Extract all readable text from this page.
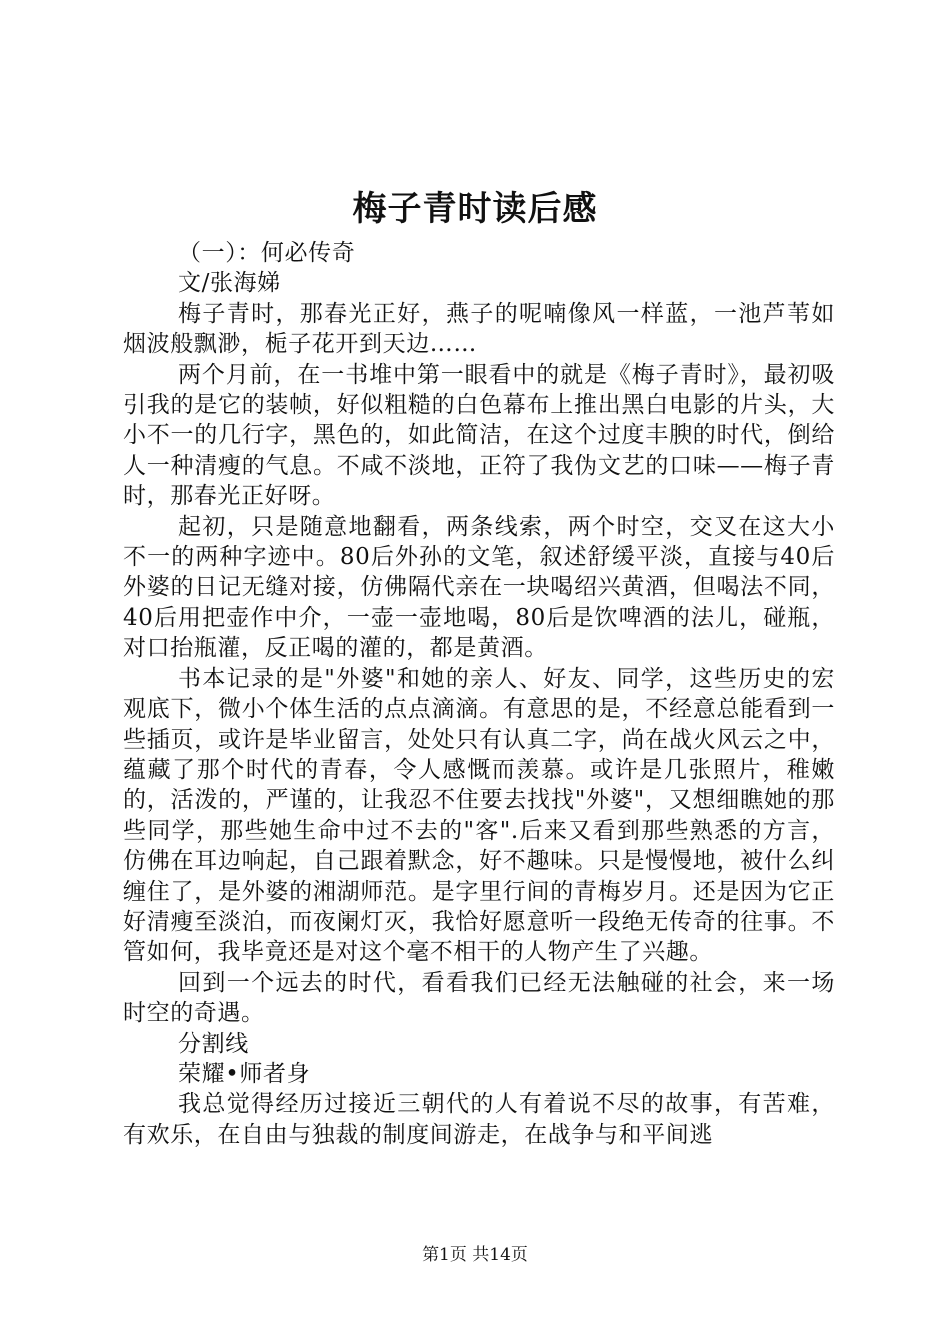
梅子青时读后感

（一）：何必传奇

文/张海娣

梅子青时，那春光正好，燕子的呢喃像风一样蓝，一池芦苇如烟波般飘渺，栀子花开到天边……

两个月前，在一书堆中第一眼看中的就是《梅子青时》，最初吸引我的是它的装帧，好似粗糙的白色幕布上推出黑白电影的片头，大小不一的几行字，黑色的，如此简洁，在这个过度丰腴的时代，倒给人一种清瘦的气息。不咸不淡地，正符了我伪文艺的口味——梅子青时，那春光正好呀。

起初，只是随意地翻看，两条线索，两个时空，交叉在这大小不一的两种字迹中。80后外孙的文笔，叙述舒缓平淡，直接与40后外婆的日记无缝对接，仿佛隔代亲在一块喝绍兴黄酒，但喝法不同，40后用把壶作中介，一壶一壶地喝，80后是饮啤酒的法儿，碰瓶，对口抬瓶灌，反正喝的灌的，都是黄酒。

书本记录的是"外婆"和她的亲人、好友、同学，这些历史的宏观底下，微小个体生活的点点滴滴。有意思的是，不经意总能看到一些插页，或许是毕业留言，处处只有认真二字，尚在战火风云之中，蕴藏了那个时代的青春，令人感慨而羡慕。或许是几张照片，稚嫩的，活泼的，严谨的，让我忍不住要去找找"外婆"，又想细瞧她的那些同学，那些她生命中过不去的"客".后来又看到那些熟悉的方言，仿佛在耳边响起，自己跟着默念，好不趣味。只是慢慢地，被什么纠缠住了，是外婆的湘湖师范。是字里行间的青梅岁月。还是因为它正好清瘦至淡泊，而夜阑灯灭，我恰好愿意听一段绝无传奇的往事。不管如何，我毕竟还是对这个毫不相干的人物产生了兴趣。

回到一个远去的时代，看看我们已经无法触碰的社会，来一场时空的奇遇。

分割线

荣耀•师者身

我总觉得经历过接近三朝代的人有着说不尽的故事，有苦难，有欢乐，在自由与独裁的制度间游走，在战争与和平间逃

第1页 共14页
